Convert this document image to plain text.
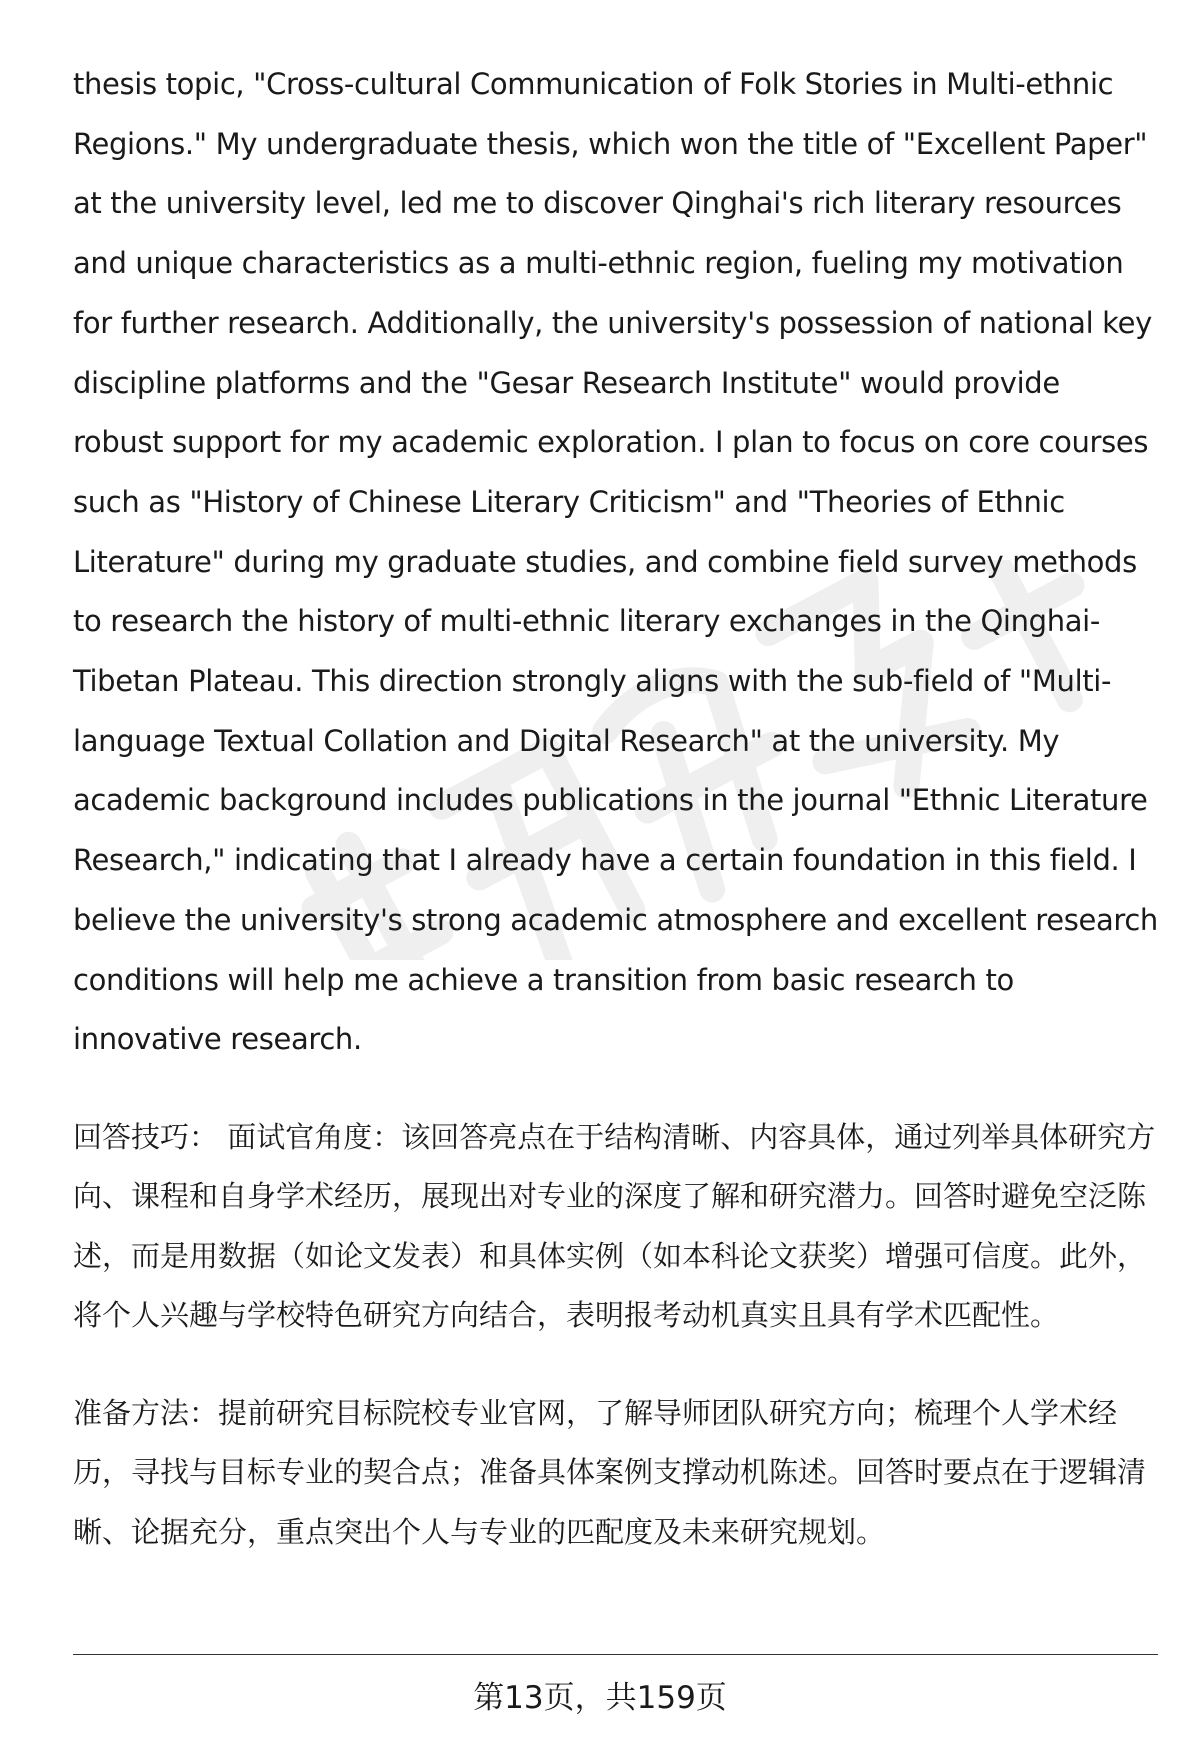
thesis topic, "Cross-cultural Communication of Folk Stories in Multi-ethnic Regions." My undergraduate thesis, which won the title of "Excellent Paper" at the university level, led me to discover Qinghai's rich literary resources and unique characteristics as a multi-ethnic region, fueling my motivation for further research. Additionally, the university's possession of national key discipline platforms and the "Gesar Research Institute" would provide robust support for my academic exploration. I plan to focus on core courses such as "History of Chinese Literary Criticism" and "Theories of Ethnic Literature" during my graduate studies, and combine field survey methods to research the history of multi-ethnic literary exchanges in the Qinghai-Tibetan Plateau. This direction strongly aligns with the sub-field of "Multi-language Textual Collation and Digital Research" at the university. My academic background includes publications in the journal "Ethnic Literature Research," indicating that I already have a certain foundation in this field. I believe the university's strong academic atmosphere and excellent research conditions will help me achieve a transition from basic research to innovative research.

回答技巧： 面试官角度：该回答亮点在于结构清晰、内容具体，通过列举具体研究方向、课程和自身学术经历，展现出对专业的深度了解和研究潜力。回答时避免空泛陈述，而是用数据（如论文发表）和具体实例（如本科论文获奖）增强可信度。此外，将个人兴趣与学校特色研究方向结合，表明报考动机真实且具有学术匹配性。

准备方法：提前研究目标院校专业官网，了解导师团队研究方向；梳理个人学术经历，寻找与目标专业的契合点；准备具体案例支撑动机陈述。回答时要点在于逻辑清晰、论据充分，重点突出个人与专业的匹配度及未来研究规划。

第13页，共159页
